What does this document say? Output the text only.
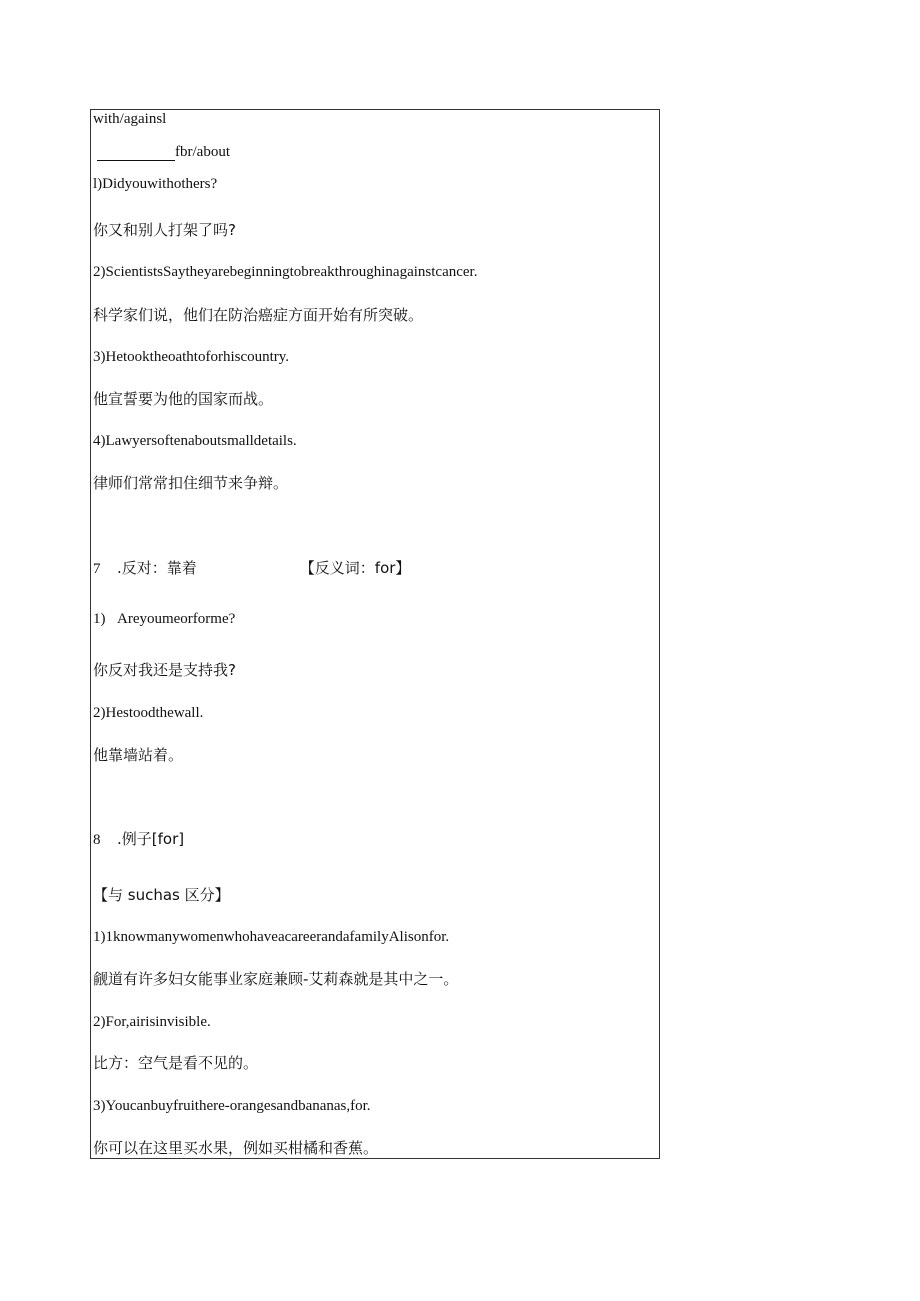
with/againsl
fbr/about
l)Didyouwithothers?
你又和别人打架了吗?
2)ScientistsSaytheyarebeginningtobreakthroughinagainstcancer.
科学家们说，他们在防治癌症方面开始有所突破。
3)Hetooktheoathtoforhiscountry.
他宣誓要为他的国家而战。
4)Lawyersoftenaboutsmalldetails.
律师们常常扣住细节来争辩。
7 .反对：靠着	【反义词：for】
1) Areyoumeorforme?
你反对我还是支持我?
2)Hestoodthewall.
他靠墙站着。
8 .例子[for]
【与 suchas 区分】
1)1knowmanywomenwhohaveacareerandafamilyAlisonfor.
觎道有许多妇女能事业家庭兼顾-艾莉森就是其中之一。
2)For,airisinvisible.
比方：空气是看不见的。
3)Youcanbuyfruithere-orangesandbananas,for.
你可以在这里买水果，例如买柑橘和香蕉。
